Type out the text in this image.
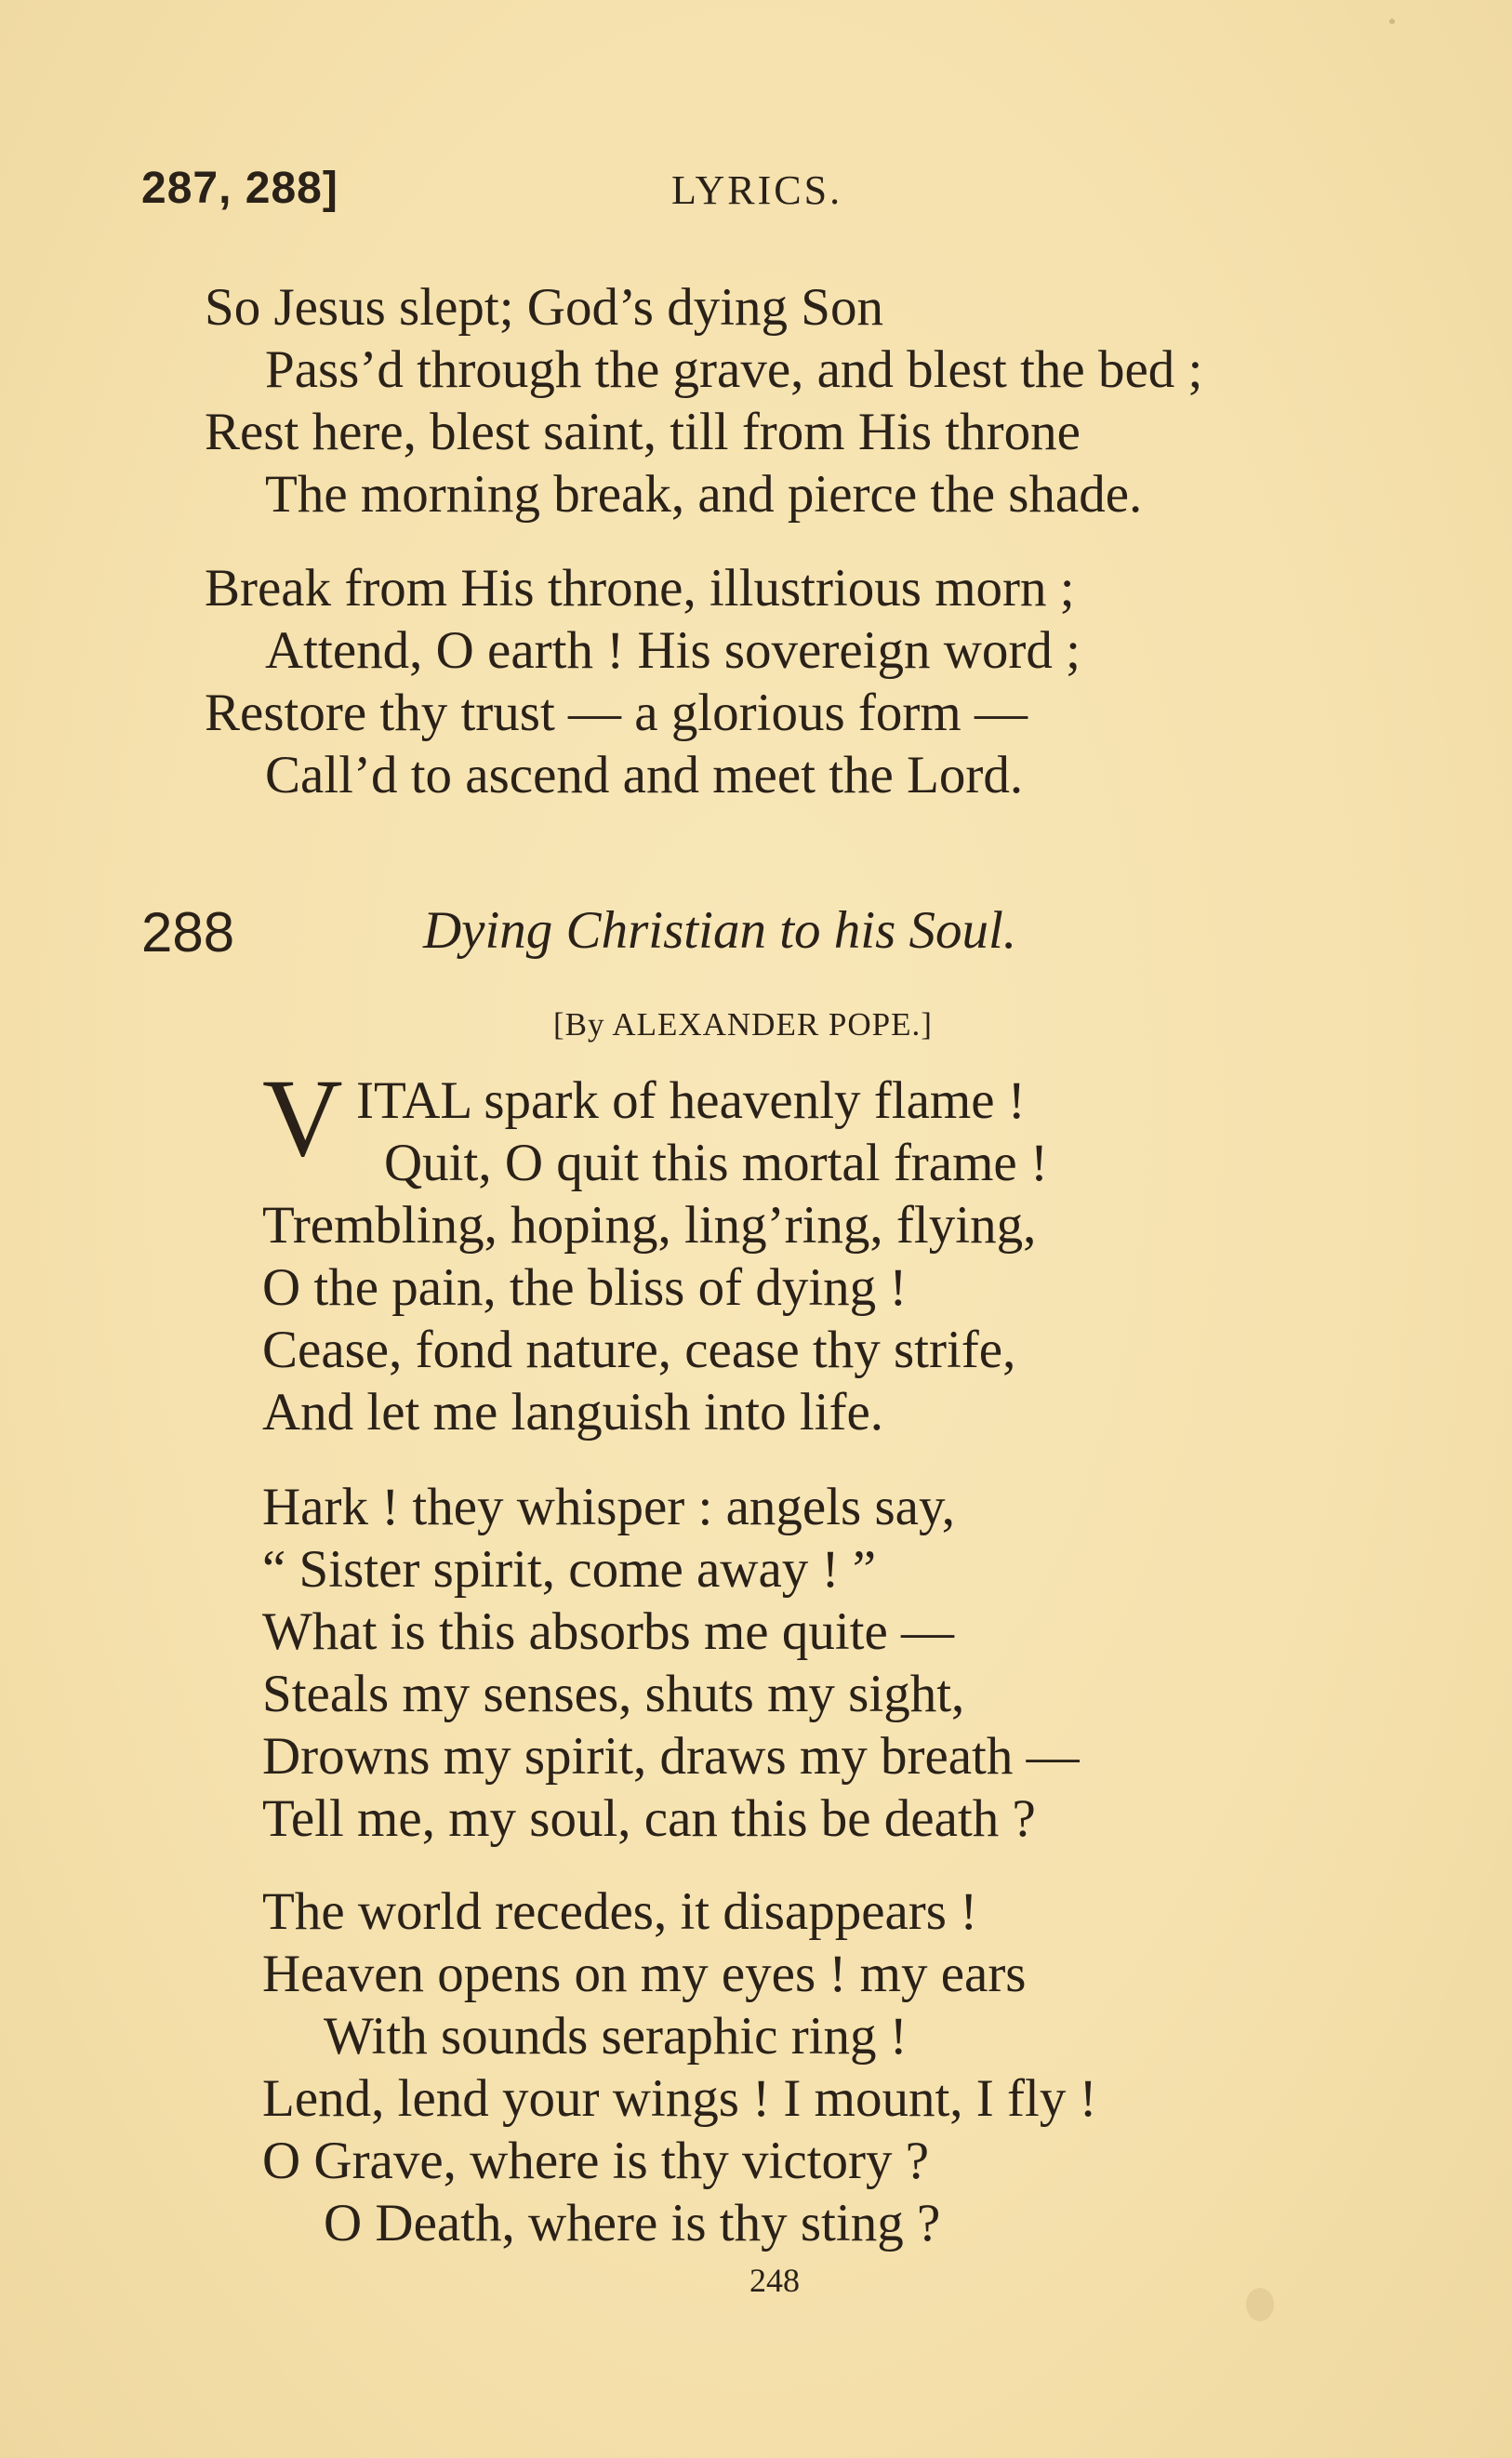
287, 288]	LYRICS.
So Jesus slept; God’s dying Son
Pass’d through the grave, and blest the bed ;
Rest here, blest saint, till from His throne
The morning break, and pierce the shade.
Break from His throne, illustrious morn ;
Attend, O earth ! His sovereign word ;
Restore thy trust — a glorious form —
Call’d to ascend and meet the Lord.
288	Dying Christian to his Soul.
[By ALEXANDER POPE.]
V ITAL spark of heavenly flame !
Quit, O quit this mortal frame !
Trembling, hoping, ling’ring, flying,
O the pain, the bliss of dying !
Cease, fond nature, cease thy strife,
And let me languish into life.
Hark ! they whisper : angels say,
“ Sister spirit, come away ! ”
What is this absorbs me quite —
Steals my senses, shuts my sight,
Drowns my spirit, draws my breath —
Tell me, my soul, can this be death ?
The world recedes, it disappears !
Heaven opens on my eyes ! my ears
With sounds seraphic ring !
Lend, lend your wings ! I mount, I fly !
O Grave, where is thy victory ?
O Death, where is thy sting ?
248
